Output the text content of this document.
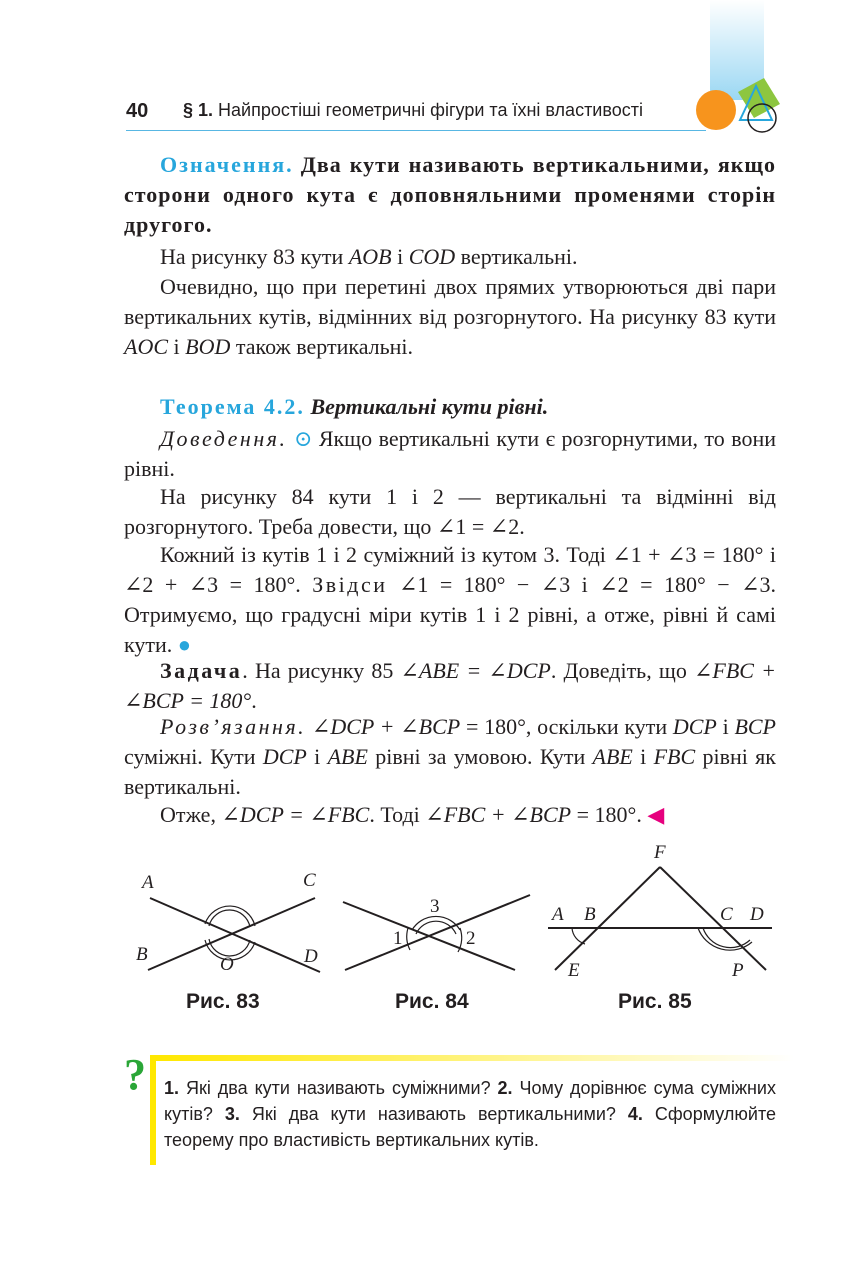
40 § 1. Найпростіші геометричні фігури та їхні властивості
Означення. Два кути називають вертикальними, якщо сторони одного кута є доповняльними променями сторін другого.
На рисунку 83 кути AOB і COD вертикальні.
Очевидно, що при перетині двох прямих утворюються дві пари вертикальних кутів, відмінних від розгорнутого. На рисунку 83 кути AOC і BOD також вертикальні.
Теорема 4.2. Вертикальні кути рівні.
Доведення. ⊙ Якщо вертикальні кути є розгорнутими, то вони рівні.
На рисунку 84 кути 1 і 2 — вертикальні та відмінні від розгорнутого. Треба довести, що ∠1 = ∠2.
Кожний із кутів 1 і 2 суміжний із кутом 3. Тоді ∠1 + ∠3 = 180° і ∠2 + ∠3 = 180°. Звідси ∠1 = 180° − ∠3 і ∠2 = 180° − ∠3. Отримуємо, що градусні міри кутів 1 і 2 рівні, а отже, рівні й самі кути. ●
Задача. На рисунку 85 ∠ABE = ∠DCP. Доведіть, що ∠FBC + ∠BCP = 180°.
Розв’язання. ∠DCP + ∠BCP = 180°, оскільки кути DCP і BCP суміжні. Кути DCP і ABE рівні за умовою. Кути ABE і FBC рівні як вертикальні.
Отже, ∠DCP = ∠FBC. Тоді ∠FBC + ∠BCP = 180°. ◀
A	C
B	O	D
3
1	2
F
A B	C D
E	P
Рис. 83	Рис. 84	Рис. 85
? 1. Які два кути називають суміжними? 2. Чому дорівнює сума суміжних кутів? 3. Які два кути називають вертикальними? 4. Сформулюйте теорему про властивість вертикальних кутів.
